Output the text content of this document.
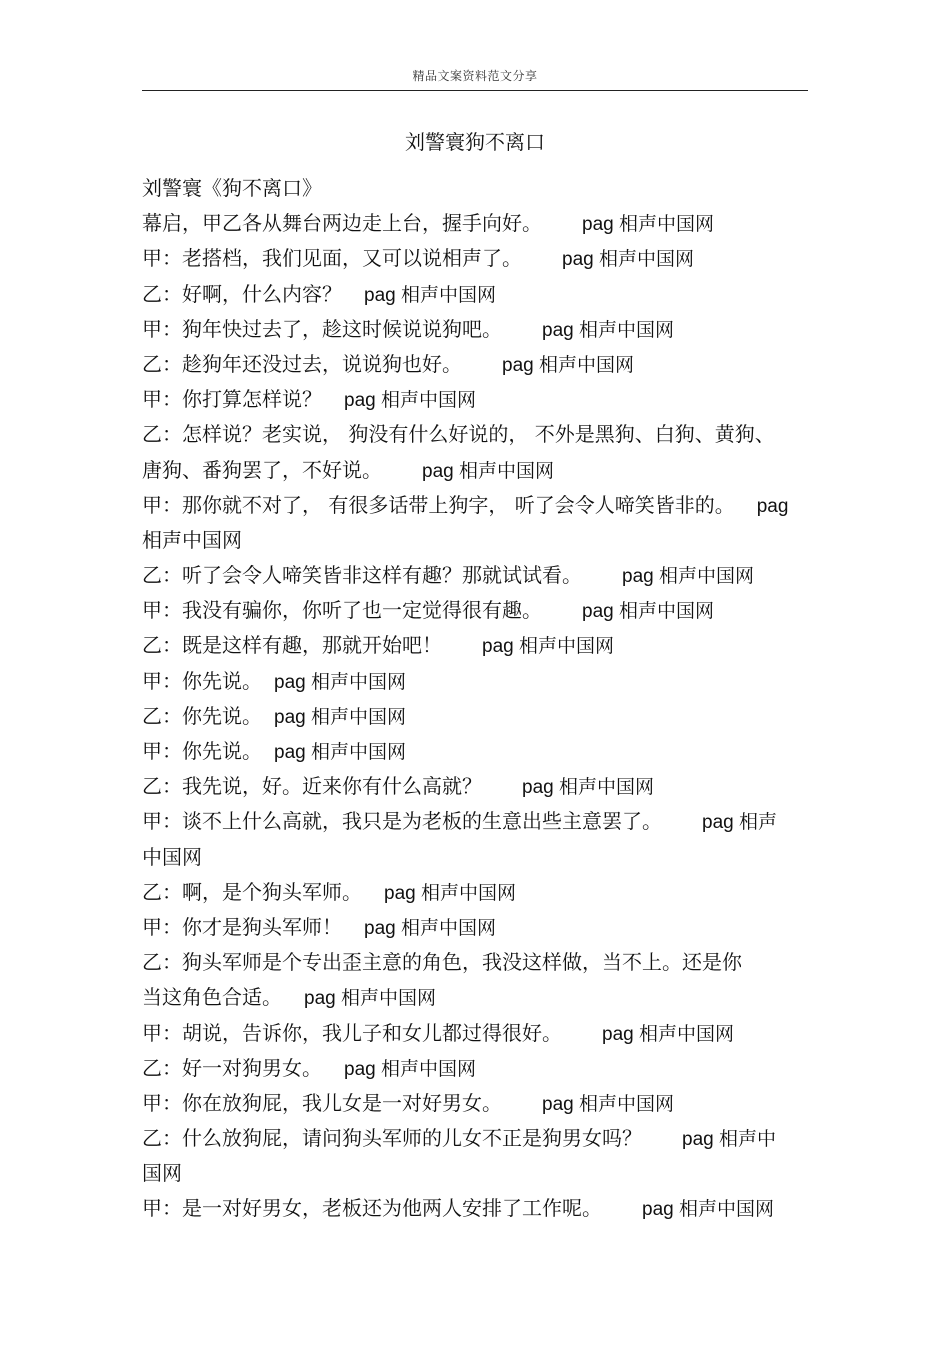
精品文案资料范文分享
刘警寰狗不离口
刘警寰《狗不离口》
幕启，甲乙各从舞台两边走上台，握手向好。 pag 相声中国网
甲：老搭档，我们见面，又可以说相声了。 pag 相声中国网
乙：好啊，什么内容？ pag 相声中国网
甲：狗年快过去了，趁这时候说说狗吧。 pag 相声中国网
乙：趁狗年还没过去，说说狗也好。 pag 相声中国网
甲：你打算怎样说？ pag 相声中国网
乙：怎样说？老实说， 狗没有什么好说的， 不外是黑狗、白狗、黄狗、
唐狗、番狗罢了，不好说。 pag 相声中国网
甲：那你就不对了， 有很多话带上狗字， 听了会令人啼笑皆非的。 pag
相声中国网
乙：听了会令人啼笑皆非这样有趣？那就试试看。 pag 相声中国网
甲：我没有骗你，你听了也一定觉得很有趣。 pag 相声中国网
乙：既是这样有趣，那就开始吧！ pag 相声中国网
甲：你先说。 pag 相声中国网
乙：你先说。 pag 相声中国网
甲：你先说。 pag 相声中国网
乙：我先说，好。近来你有什么高就？ pag 相声中国网
甲：谈不上什么高就，我只是为老板的生意出些主意罢了。 pag 相声
中国网
乙：啊，是个狗头军师。 pag 相声中国网
甲：你才是狗头军师！ pag 相声中国网
乙：狗头军师是个专出歪主意的角色，我没这样做，当不上。还是你
当这角色合适。 pag 相声中国网
甲：胡说，告诉你，我儿子和女儿都过得很好。 pag 相声中国网
乙：好一对狗男女。 pag 相声中国网
甲：你在放狗屁，我儿女是一对好男女。 pag 相声中国网
乙：什么放狗屁，请问狗头军师的儿女不正是狗男女吗？ pag 相声中
国网
甲：是一对好男女，老板还为他两人安排了工作呢。 pag 相声中国网
